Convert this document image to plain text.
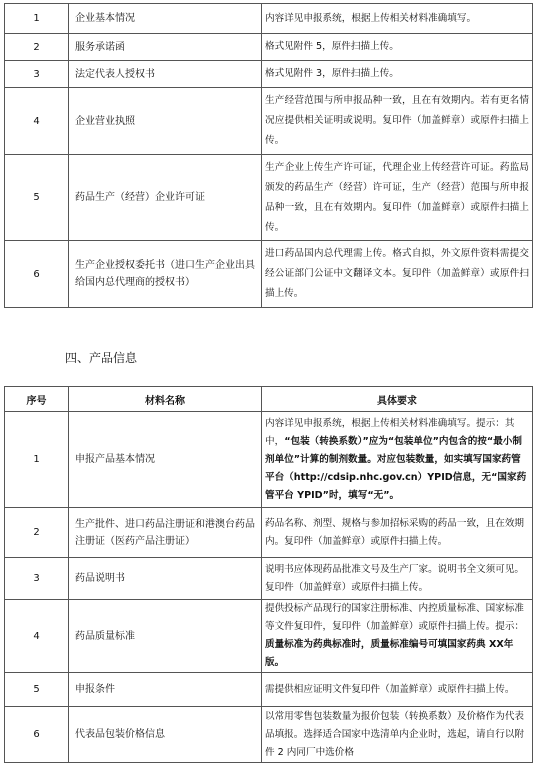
1	企业基本情况	内容详见申报系统，根据上传相关材料准确填写。
2	服务承诺函	格式见附件 5，原件扫描上传。
3	法定代表人授权书	格式见附件 3，原件扫描上传。
4	企业营业执照	生产经营范围与所申报品种一致，且在有效期内。若有更名情况应提供相关证明或说明。复印件（加盖鲜章）或原件扫描上传。
5	药品生产（经营）企业许可证	生产企业上传生产许可证，代理企业上传经营许可证。药监局颁发的药品生产（经营）许可证，生产（经营）范围与所申报品种一致，且在有效期内。复印件（加盖鲜章）或原件扫描上传。
6	生产企业授权委托书（进口生产企业出具给国内总代理商的授权书）	进口药品国内总代理需上传。格式自拟，外文原件资料需提交经公证部门公证中文翻译文本。复印件（加盖鲜章）或原件扫描上传。
四、产品信息
序号	材料名称	具体要求
1	申报产品基本情况	内容详见申报系统，根据上传相关材料准确填写。提示：其中，“包装（转换系数）”应为“包装单位”内包含的按“最小制剂单位”计算的制剂数量。对应包装数量，如实填写国家药管平台（http://cdsip.nhc.gov.cn）YPID信息，无“国家药管平台 YPID”时，填写“无”。
2	生产批件、进口药品注册证和港澳台药品注册证（医药产品注册证）	药品名称、剂型、规格与参加招标采购的药品一致，且在效期内。复印件（加盖鲜章）或原件扫描上传。
3	药品说明书	说明书应体现药品批准文号及生产厂家。说明书全文须可见。复印件（加盖鲜章）或原件扫描上传。
4	药品质量标准	提供投标产品现行的国家注册标准、内控质量标准、国家标准等文件复印件，复印件（加盖鲜章）或原件扫描上传。提示：质量标准为药典标准时，质量标准编号可填国家药典 XX年版。
5	申报条件	需提供相应证明文件复印件（加盖鲜章）或原件扫描上传。
6	代表品包装价格信息	以常用零售包装数量为报价包装（转换系数）及价格作为代表品填报。选择适合国家中选清单内企业时，选起，请自行以附件 2 内同厂中选价格
